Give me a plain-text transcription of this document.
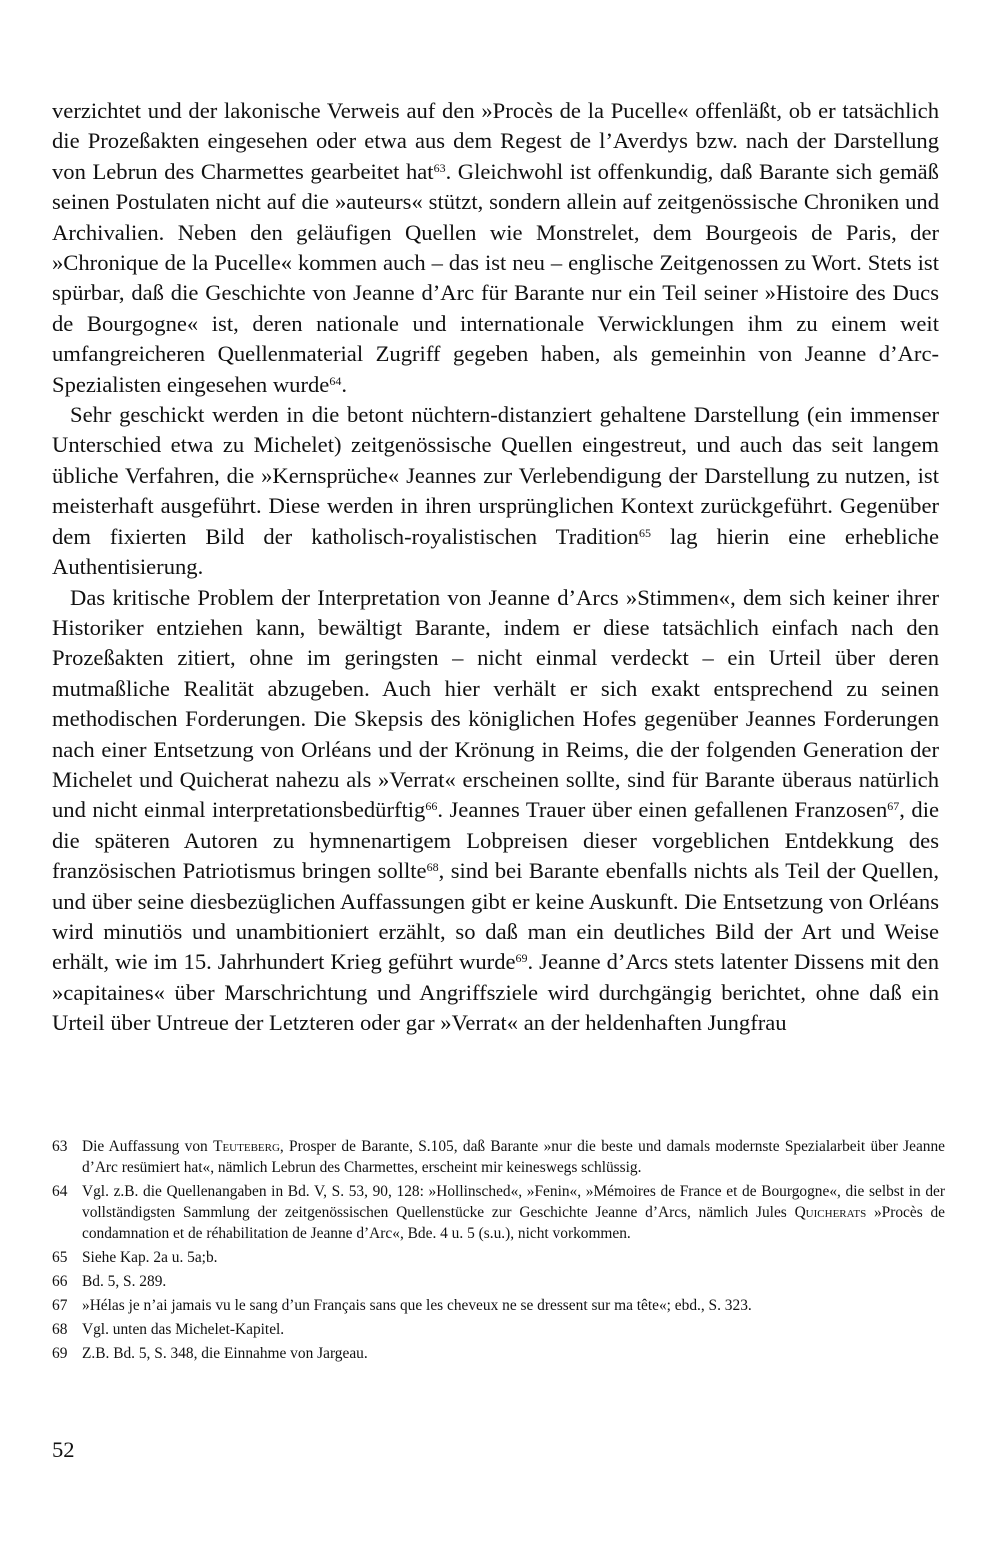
verzichtet und der lakonische Verweis auf den »Procès de la Pucelle« offenläßt, ob er tatsächlich die Prozeßakten eingesehen oder etwa aus dem Regest de l’Averdys bzw. nach der Darstellung von Lebrun des Charmettes gearbeitet hat$^{63}$. Gleichwohl ist offenkundig, daß Barante sich gemäß seinen Postulaten nicht auf die »auteurs« stützt, sondern allein auf zeitgenössische Chroniken und Archivalien. Neben den geläufigen Quellen wie Monstrelet, dem Bourgeois de Paris, der »Chronique de la Pucelle« kommen auch – das ist neu – englische Zeitgenossen zu Wort. Stets ist spürbar, daß die Geschichte von Jeanne d’Arc für Barante nur ein Teil seiner »Histoire des Ducs de Bourgogne« ist, deren nationale und internationale Verwicklungen ihm zu einem weit umfangreicheren Quellenmaterial Zugriff gegeben haben, als gemeinhin von Jeanne d’Arc-Spezialisten eingesehen wurde$^{64}$.

Sehr geschickt werden in die betont nüchtern-distanziert gehaltene Darstellung (ein immenser Unterschied etwa zu Michelet) zeitgenössische Quellen eingestreut, und auch das seit langem übliche Verfahren, die »Kernsprüche« Jeannes zur Verlebendigung der Darstellung zu nutzen, ist meisterhaft ausgeführt. Diese werden in ihren ursprünglichen Kontext zurückgeführt. Gegenüber dem fixierten Bild der katholisch-royalistischen Tradition$^{65}$ lag hierin eine erhebliche Authentisierung.

Das kritische Problem der Interpretation von Jeanne d’Arcs »Stimmen«, dem sich keiner ihrer Historiker entziehen kann, bewältigt Barante, indem er diese tatsächlich einfach nach den Prozeßakten zitiert, ohne im geringsten – nicht einmal verdeckt – ein Urteil über deren mutmaßliche Realität abzugeben. Auch hier verhält er sich exakt entsprechend zu seinen methodischen Forderungen. Die Skepsis des königlichen Hofes gegenüber Jeannes Forderungen nach einer Entsetzung von Orléans und der Krönung in Reims, die der folgenden Generation der Michelet und Quicherat nahezu als »Verrat« erscheinen sollte, sind für Barante überaus natürlich und nicht einmal interpretationsbedürftig$^{66}$. Jeannes Trauer über einen gefallenen Franzosen$^{67}$, die die späteren Autoren zu hymnenartigem Lobpreisen dieser vorgeblichen Entdekkung des französischen Patriotismus bringen sollte$^{68}$, sind bei Barante ebenfalls nichts als Teil der Quellen, und über seine diesbezüglichen Auffassungen gibt er keine Auskunft. Die Entsetzung von Orléans wird minutiös und unambitioniert erzählt, so daß man ein deutliches Bild der Art und Weise erhält, wie im 15. Jahrhundert Krieg geführt wurde$^{69}$. Jeanne d’Arcs stets latenter Dissens mit den »capitaines« über Marschrichtung und Angriffsziele wird durchgängig berichtet, ohne daß ein Urteil über Untreue der Letzteren oder gar »Verrat« an der heldenhaften Jungfrau

63 Die Auffassung von Teuteberg, Prosper de Barante, S.105, daß Barante »nur die beste und damals modernste Spezialarbeit über Jeanne d’Arc resümiert hat«, nämlich Lebrun des Charmettes, erscheint mir keineswegs schlüssig.
64 Vgl. z.B. die Quellenangaben in Bd. V, S. 53, 90, 128: »Hollinsched«, »Fenin«, »Mémoires de France et de Bourgogne«, die selbst in der vollständigsten Sammlung der zeitgenössischen Quellenstücke zur Geschichte Jeanne d’Arcs, nämlich Jules Quicherats »Procès de condamnation et de réhabilitation de Jeanne d’Arc«, Bde. 4 u. 5 (s.u.), nicht vorkommen.
65 Siehe Kap. 2a u. 5a;b.
66 Bd. 5, S. 289.
67 »Hélas je n’ai jamais vu le sang d’un Français sans que les cheveux ne se dressent sur ma tête«; ebd., S. 323.
68 Vgl. unten das Michelet-Kapitel.
69 Z.B. Bd. 5, S. 348, die Einnahme von Jargeau.
52
